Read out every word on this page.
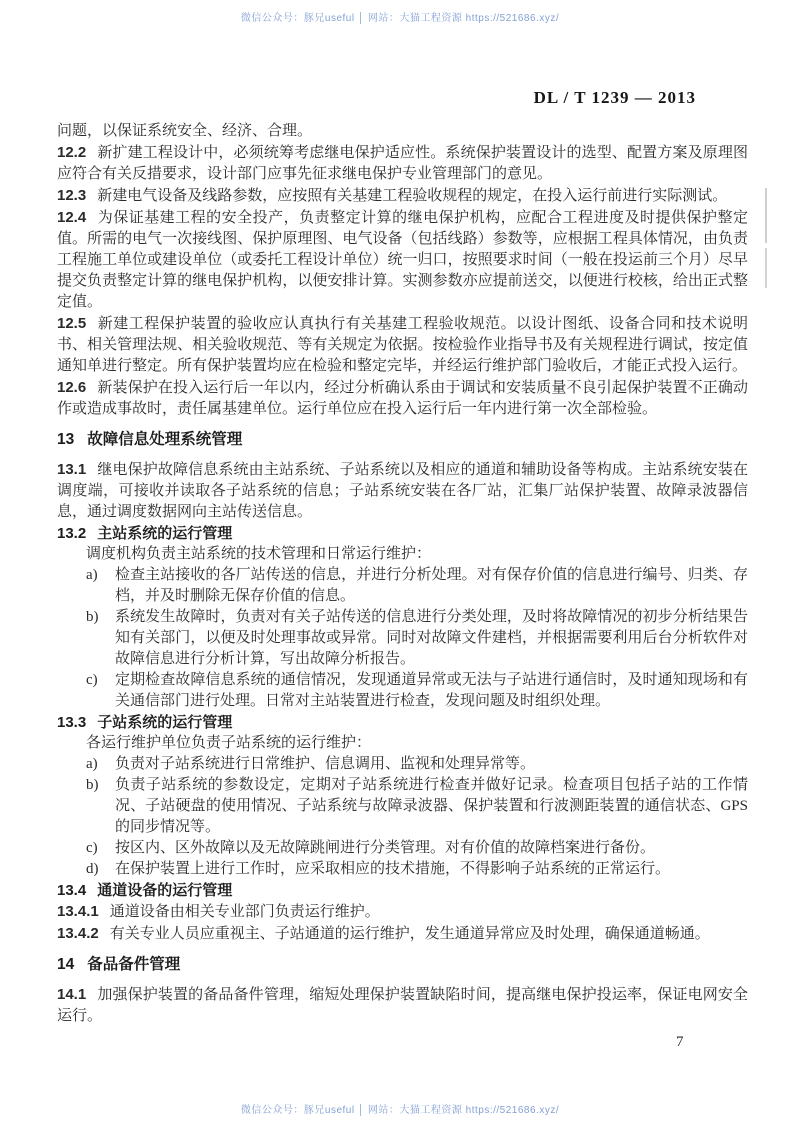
微信公众号：豚兄useful │ 网站：大猫工程资源 https://521686.xyz/
DL / T 1239 — 2013

问题，以保证系统安全、经济、合理。

12.2 新扩建工程设计中，必须统筹考虑继电保护适应性。系统保护装置设计的选型、配置方案及原理图应符合有关反措要求，设计部门应事先征求继电保护专业管理部门的意见。

12.3 新建电气设备及线路参数，应按照有关基建工程验收规程的规定，在投入运行前进行实际测试。

12.4 为保证基建工程的安全投产，负责整定计算的继电保护机构，应配合工程进度及时提供保护整定值。所需的电气一次接线图、保护原理图、电气设备（包括线路）参数等，应根据工程具体情况，由负责工程施工单位或建设单位（或委托工程设计单位）统一归口，按照要求时间（一般在投运前三个月）尽早提交负责整定计算的继电保护机构，以便安排计算。实测参数亦应提前送交，以便进行校核，给出正式整定值。

12.5 新建工程保护装置的验收应认真执行有关基建工程验收规范。以设计图纸、设备合同和技术说明书、相关管理法规、相关验收规范、等有关规定为依据。按检验作业指导书及有关规程进行调试，按定值通知单进行整定。所有保护装置均应在检验和整定完毕，并经运行维护部门验收后，才能正式投入运行。

12.6 新装保护在投入运行后一年以内，经过分析确认系由于调试和安装质量不良引起保护装置不正确动作或造成事故时，责任属基建单位。运行单位应在投入运行后一年内进行第一次全部检验。

13 故障信息处理系统管理

13.1 继电保护故障信息系统由主站系统、子站系统以及相应的通道和辅助设备等构成。主站系统安装在调度端，可接收并读取各子站系统的信息；子站系统安装在各厂站，汇集厂站保护装置、故障录波器信息，通过调度数据网向主站传送信息。

13.2 主站系统的运行管理

调度机构负责主站系统的技术管理和日常运行维护：

a) 检查主站接收的各厂站传送的信息，并进行分析处理。对有保存价值的信息进行编号、归类、存档，并及时删除无保存价值的信息。

b) 系统发生故障时，负责对有关子站传送的信息进行分类处理，及时将故障情况的初步分析结果告知有关部门，以便及时处理事故或异常。同时对故障文件建档，并根据需要利用后台分析软件对故障信息进行分析计算，写出故障分析报告。

c) 定期检查故障信息系统的通信情况，发现通道异常或无法与子站进行通信时，及时通知现场和有关通信部门进行处理。日常对主站装置进行检查，发现问题及时组织处理。

13.3 子站系统的运行管理

各运行维护单位负责子站系统的运行维护：

a) 负责对子站系统进行日常维护、信息调用、监视和处理异常等。

b) 负责子站系统的参数设定，定期对子站系统进行检查并做好记录。检查项目包括子站的工作情况、子站硬盘的使用情况、子站系统与故障录波器、保护装置和行波测距装置的通信状态、GPS 的同步情况等。

c) 按区内、区外故障以及无故障跳闸进行分类管理。对有价值的故障档案进行备份。

d) 在保护装置上进行工作时，应采取相应的技术措施，不得影响子站系统的正常运行。

13.4 通道设备的运行管理

13.4.1 通道设备由相关专业部门负责运行维护。

13.4.2 有关专业人员应重视主、子站通道的运行维护，发生通道异常应及时处理，确保通道畅通。

14 备品备件管理

14.1 加强保护装置的备品备件管理，缩短处理保护装置缺陷时间，提高继电保护投运率，保证电网安全运行。

7
微信公众号：豚兄useful │ 网站：大猫工程资源 https://521686.xyz/
